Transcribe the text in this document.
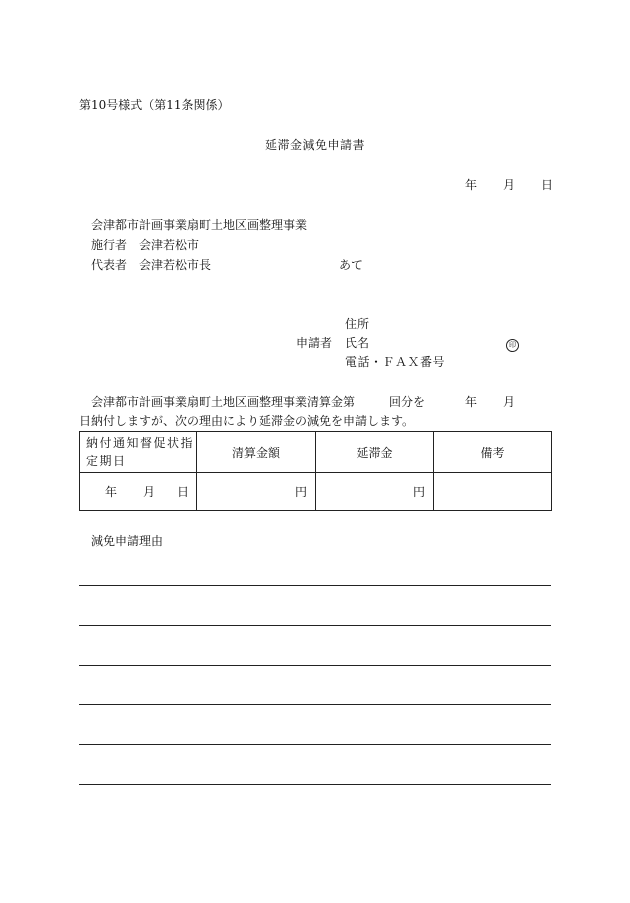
第10号様式（第11条関係）
延滞金減免申請書
年 月 日
会津都市計画事業扇町土地区画整理事業
施行者 会津若松市
代表者 会津若松市長	あて
住所
申請者 氏名	印
電話・ＦＡＸ番号
会津都市計画事業扇町土地区画整理事業清算金第	回分を	年 月
日納付しますが、次の理由により延滞金の減免を申請します。
納付通知督促状指定期日	清算金額	延滞金	備考
年 月 日	円	円	
減免申請理由
